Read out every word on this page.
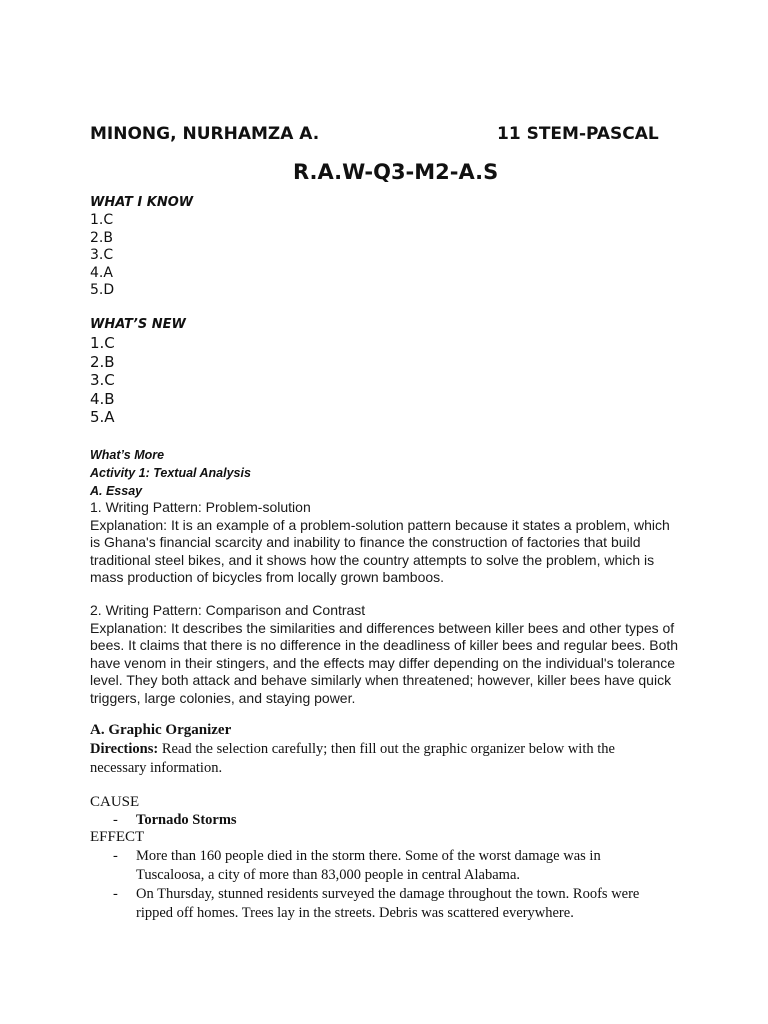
MINONG, NURHAMZA A.	11 STEM-PASCAL
R.A.W-Q3-M2-A.S
WHAT I KNOW
1.C
2.B
3.C
4.A
5.D
WHAT’S NEW
1.C
2.B
3.C
4.B
5.A
What’s More
Activity 1: Textual Analysis
A. Essay
1. Writing Pattern: Problem-solution
Explanation: It is an example of a problem-solution pattern because it states a problem, which
is Ghana's financial scarcity and inability to finance the construction of factories that build
traditional steel bikes, and it shows how the country attempts to solve the problem, which is
mass production of bicycles from locally grown bamboos.
2. Writing Pattern: Comparison and Contrast
Explanation: It describes the similarities and differences between killer bees and other types of
bees. It claims that there is no difference in the deadliness of killer bees and regular bees. Both
have venom in their stingers, and the effects may differ depending on the individual's tolerance
level. They both attack and behave similarly when threatened; however, killer bees have quick
triggers, large colonies, and staying power.
A. Graphic Organizer
Directions: Read the selection carefully; then fill out the graphic organizer below with the
necessary information.
CAUSE
- Tornado Storms
EFFECT
- More than 160 people died in the storm there. Some of the worst damage was in
Tuscaloosa, a city of more than 83,000 people in central Alabama.
- On Thursday, stunned residents surveyed the damage throughout the town. Roofs were
ripped off homes. Trees lay in the streets. Debris was scattered everywhere.
